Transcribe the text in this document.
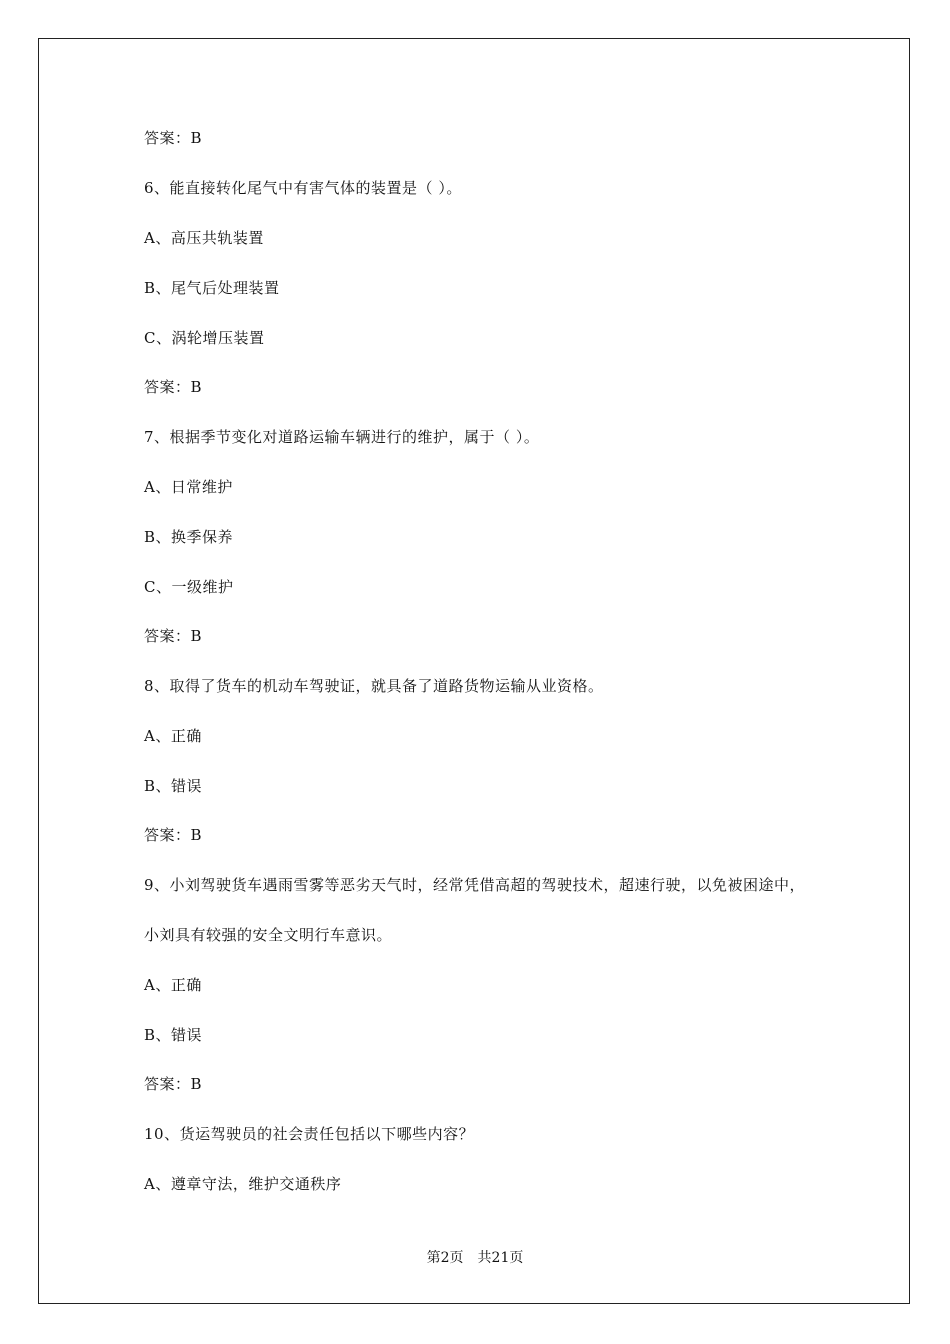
答案：B
6、能直接转化尾气中有害气体的装置是（ ）。
A、高压共轨装置
B、尾气后处理装置
C、涡轮增压装置
答案：B
7、根据季节变化对道路运输车辆进行的维护，属于（ ）。
A、日常维护
B、换季保养
C、一级维护
答案：B
8、取得了货车的机动车驾驶证，就具备了道路货物运输从业资格。
A、正确
B、错误
答案：B
9、小刘驾驶货车遇雨雪雾等恶劣天气时，经常凭借高超的驾驶技术，超速行驶，以免被困途中，
小刘具有较强的安全文明行车意识。
A、正确
B、错误
答案：B
10、货运驾驶员的社会责任包括以下哪些内容？
A、遵章守法，维护交通秩序
第2页 共21页
